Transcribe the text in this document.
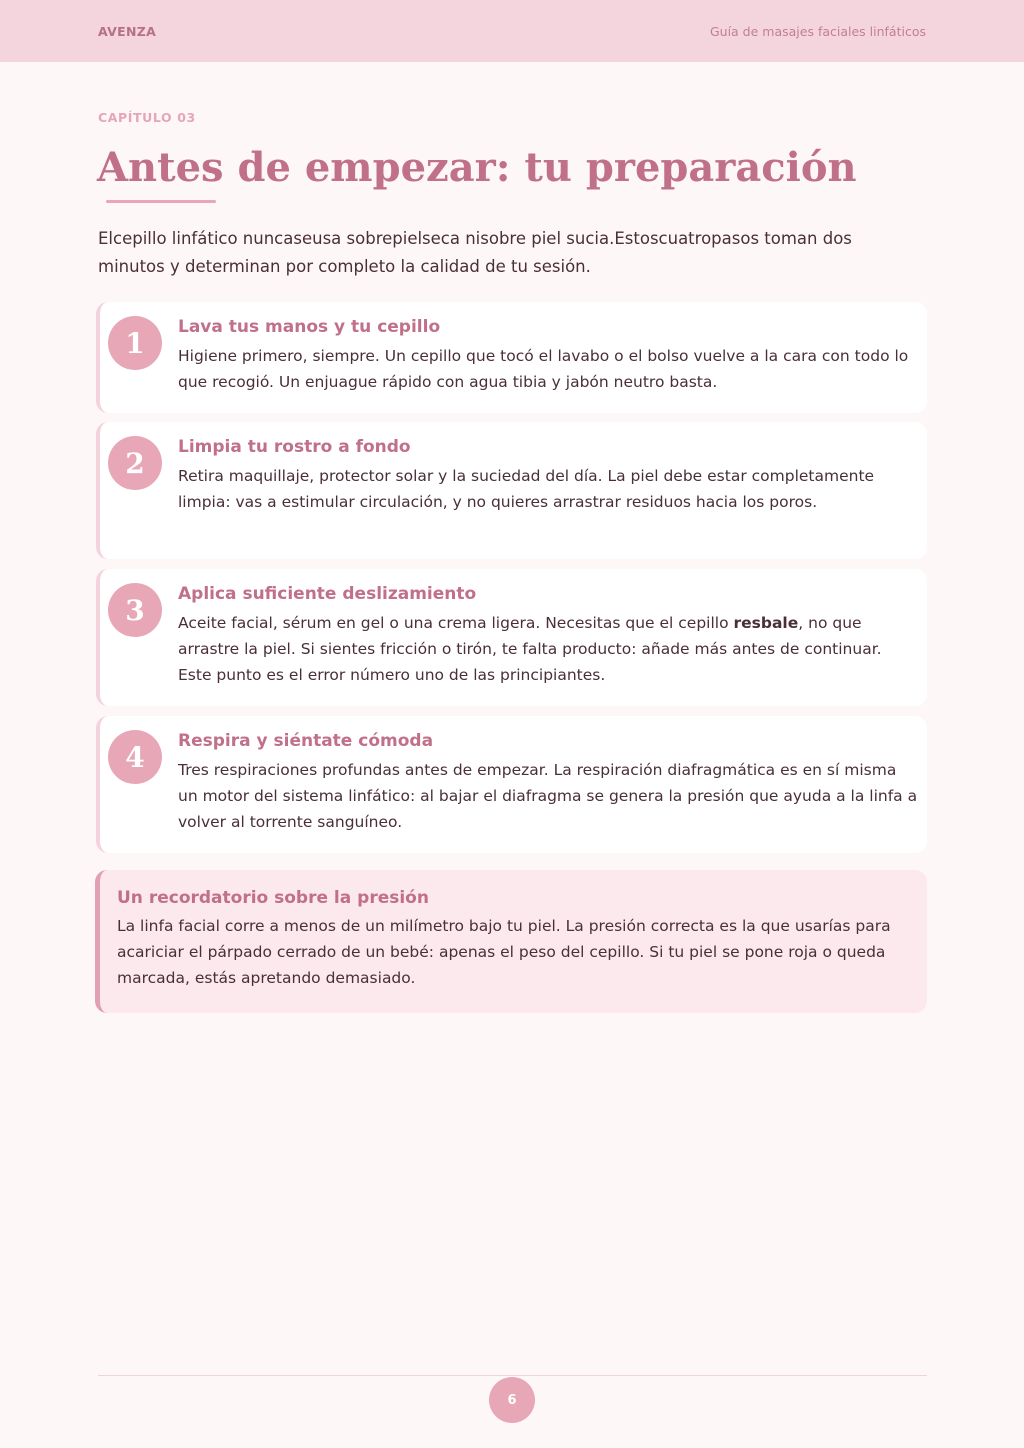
AVENZA	Guía de masajes faciales linfáticos
CAPÍTULO 03
Antes de empezar: tu preparación

Elcepillo linfático nuncaseusa sobrepielseca nisobre piel sucia.Estoscuatropasos toman dos minutos y determinan por completo la calidad de tu sesión.

1	Lava tus manos y tu cepillo
Higiene primero, siempre. Un cepillo que tocó el lavabo o el bolso vuelve a la cara con todo lo que recogió. Un enjuague rápido con agua tibia y jabón neutro basta.
2	Limpia tu rostro a fondo
Retira maquillaje, protector solar y la suciedad del día. La piel debe estar completamente limpia: vas a estimular circulación, y no quieres arrastrar residuos hacia los poros.
3	Aplica suficiente deslizamiento
Aceite facial, sérum en gel o una crema ligera. Necesitas que el cepillo resbale, no que arrastre la piel. Si sientes fricción o tirón, te falta producto: añade más antes de continuar. Este punto es el error número uno de las principiantes.
4	Respira y siéntate cómoda
Tres respiraciones profundas antes de empezar. La respiración diafragmática es en sí misma un motor del sistema linfático: al bajar el diafragma se genera la presión que ayuda a la linfa a volver al torrente sanguíneo.
Un recordatorio sobre la presión
La linfa facial corre a menos de un milímetro bajo tu piel. La presión correcta es la que usarías para acariciar el párpado cerrado de un bebé: apenas el peso del cepillo. Si tu piel se pone roja o queda marcada, estás apretando demasiado.
6
